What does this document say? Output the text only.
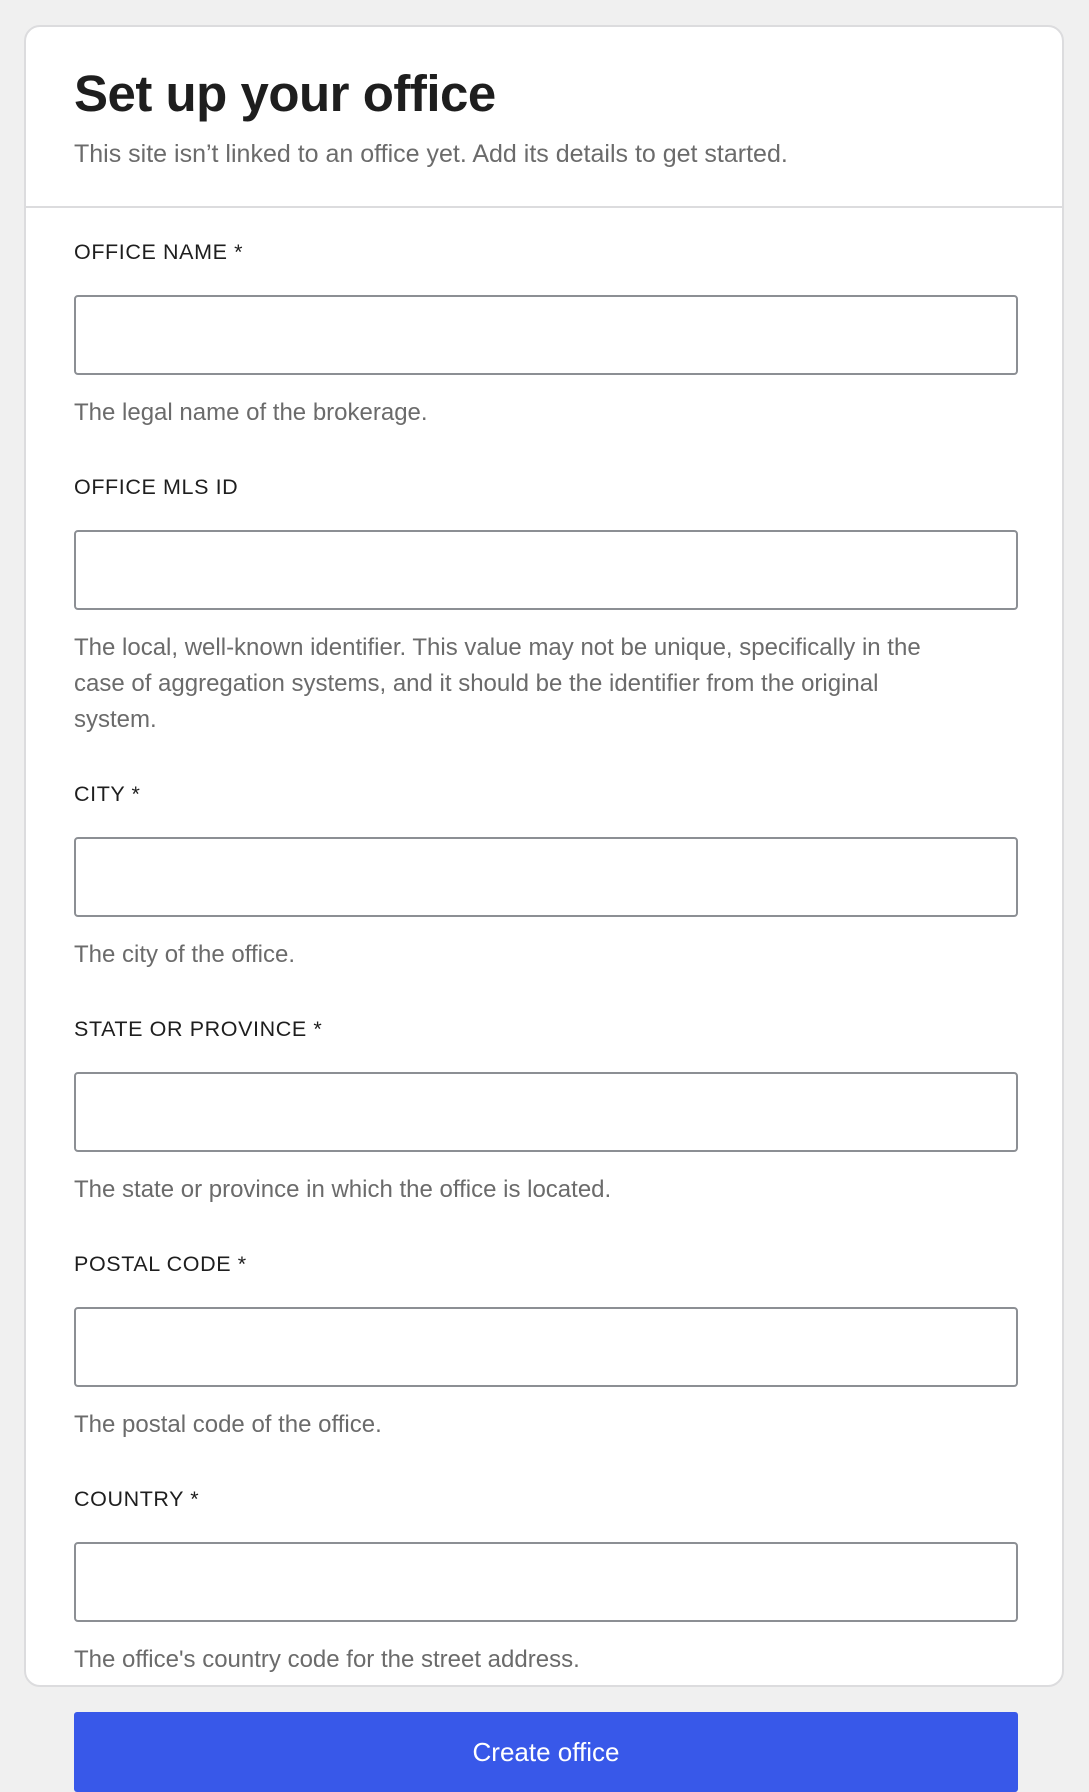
Set up your office

This site isn’t linked to an office yet. Add its details to get started.

OFFICE NAME *

The legal name of the brokerage.

OFFICE MLS ID

The local, well-known identifier. This value may not be unique, specifically in the case of aggregation systems, and it should be the identifier from the original system.

CITY *

The city of the office.

STATE OR PROVINCE *

The state or province in which the office is located.

POSTAL CODE *

The postal code of the office.

COUNTRY *

The office's country code for the street address.

Create office
